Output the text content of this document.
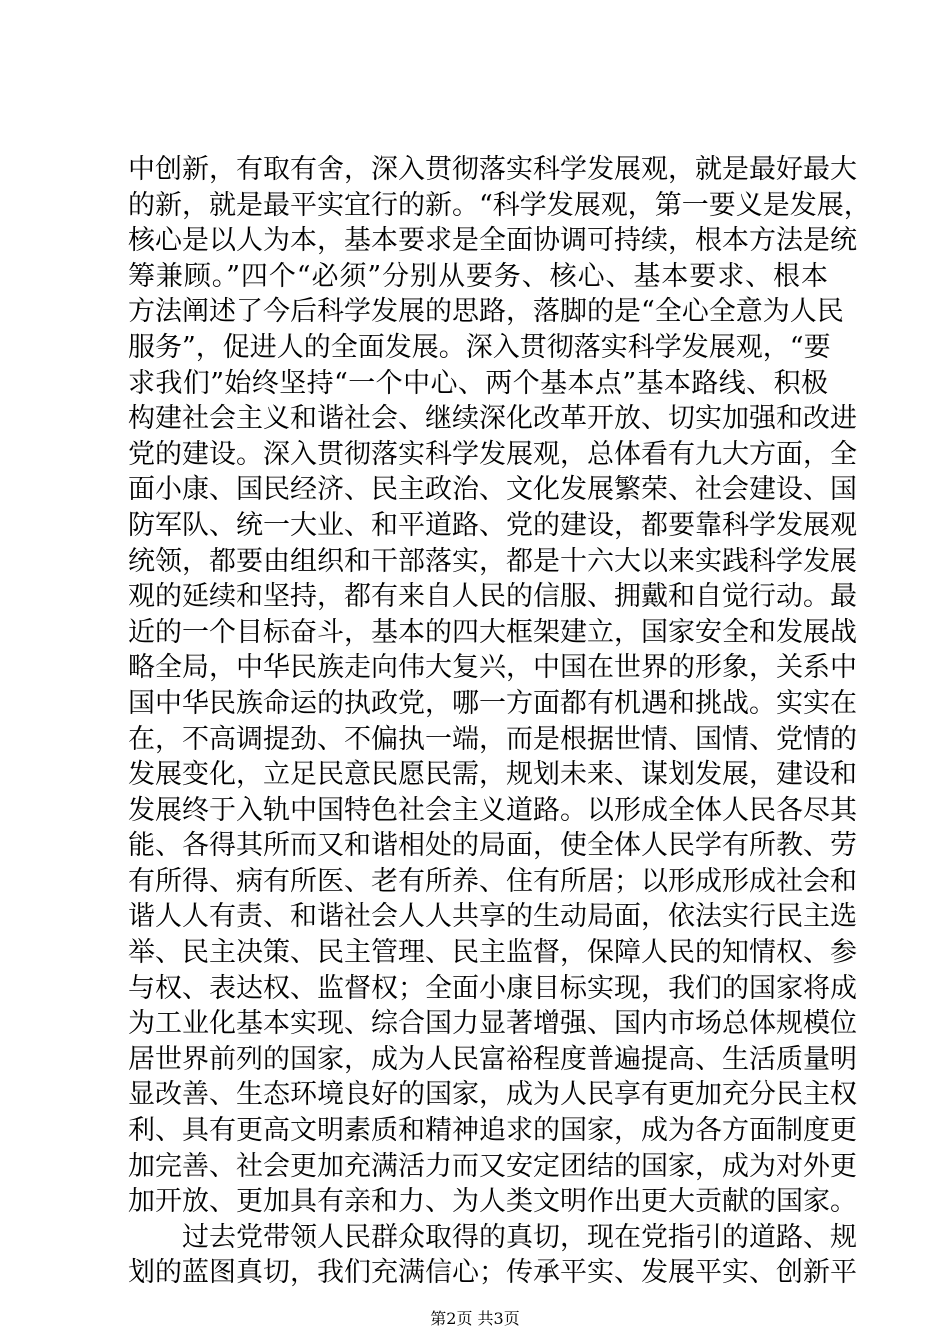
中创新，有取有舍，深入贯彻落实科学发展观，就是最好最大
的新，就是最平实宜行的新。“科学发展观，第一要义是发展，
核心是以人为本，基本要求是全面协调可持续，根本方法是统
筹兼顾。”四个“必须”分别从要务、核心、基本要求、根本
方法阐述了今后科学发展的思路，落脚的是“全心全意为人民
服务”，促进人的全面发展。深入贯彻落实科学发展观，“要
求我们”始终坚持“一个中心、两个基本点”基本路线、积极
构建社会主义和谐社会、继续深化改革开放、切实加强和改进
党的建设。深入贯彻落实科学发展观，总体看有九大方面，全
面小康、国民经济、民主政治、文化发展繁荣、社会建设、国
防军队、统一大业、和平道路、党的建设，都要靠科学发展观
统领，都要由组织和干部落实，都是十六大以来实践科学发展
观的延续和坚持，都有来自人民的信服、拥戴和自觉行动。最
近的一个目标奋斗，基本的四大框架建立，国家安全和发展战
略全局，中华民族走向伟大复兴，中国在世界的形象，关系中
国中华民族命运的执政党，哪一方面都有机遇和挑战。实实在
在，不高调提劲、不偏执一端，而是根据世情、国情、党情的
发展变化，立足民意民愿民需，规划未来、谋划发展，建设和
发展终于入轨中国特色社会主义道路。以形成全体人民各尽其
能、各得其所而又和谐相处的局面，使全体人民学有所教、劳
有所得、病有所医、老有所养、住有所居；以形成形成社会和
谐人人有责、和谐社会人人共享的生动局面，依法实行民主选
举、民主决策、民主管理、民主监督，保障人民的知情权、参
与权、表达权、监督权；全面小康目标实现，我们的国家将成
为工业化基本实现、综合国力显著增强、国内市场总体规模位
居世界前列的国家，成为人民富裕程度普遍提高、生活质量明
显改善、生态环境良好的国家，成为人民享有更加充分民主权
利、具有更高文明素质和精神追求的国家，成为各方面制度更
加完善、社会更加充满活力而又安定团结的国家，成为对外更
加开放、更加具有亲和力、为人类文明作出更大贡献的国家。
过去党带领人民群众取得的真切，现在党指引的道路、规
划的蓝图真切，我们充满信心；传承平实、发展平实、创新平
第2页 共3页
